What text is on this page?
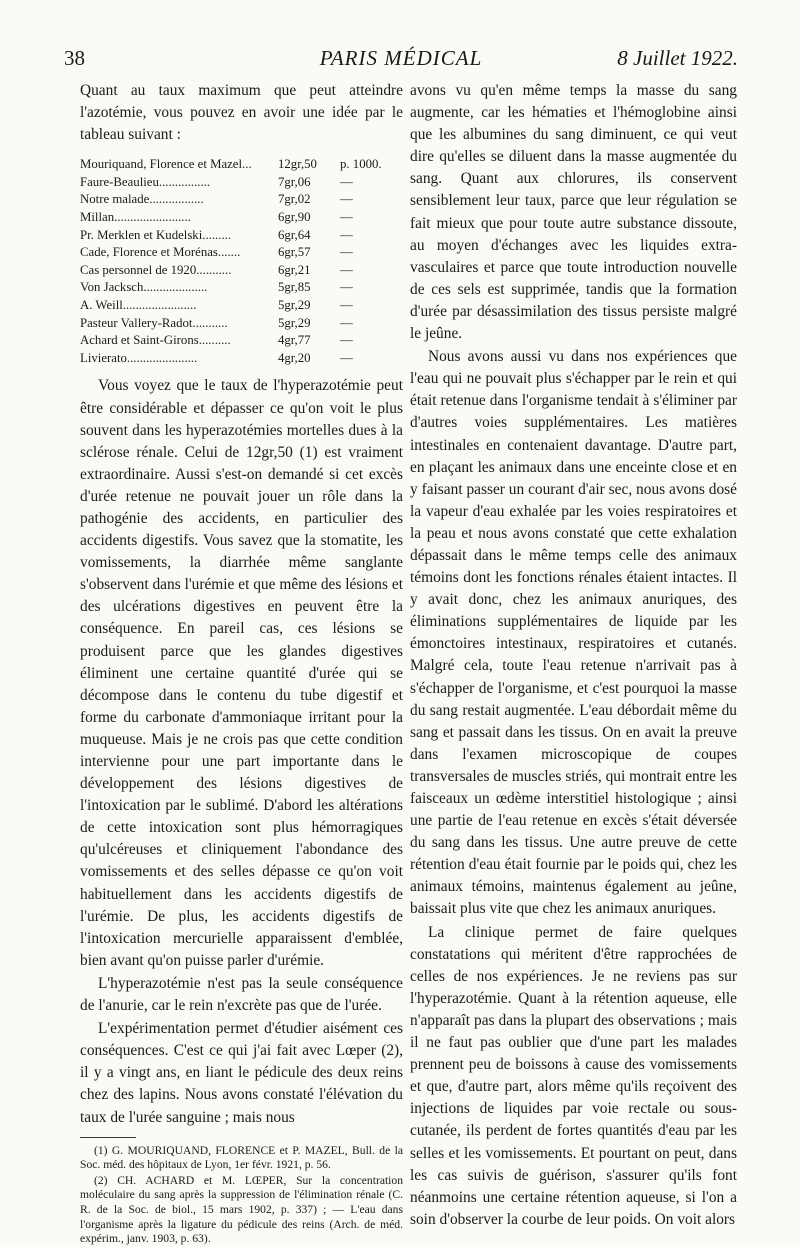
38	PARIS MÉDICAL	8 Juillet 1922.

Quant au taux maximum que peut atteindre l'azotémie, vous pouvez en avoir une idée par le tableau suivant :

Mouriquand, Florence et Mazel...	12gr,50	p. 1000.
Faure-Beaulieu................	7gr,06	—
Notre malade.................	7gr,02	—
Millan........................	6gr,90	—
Pr. Merklen et Kudelski.........	6gr,64	—
Cade, Florence et Morénas.......	6gr,57	—
Cas personnel de 1920...........	6gr,21	—
Von Jacksch....................	5gr,85	—
A. Weill.......................	5gr,29	—
Pasteur Vallery-Radot...........	5gr,29	—
Achard et Saint-Girons..........	4gr,77	—
Livierato......................	4gr,20	—

Vous voyez que le taux de l'hyperazotémie peut être considérable et dépasser ce qu'on voit le plus souvent dans les hyperazotémies mortelles dues à la sclérose rénale. Celui de 12gr,50 (1) est vraiment extraordinaire. Aussi s'est-on demandé si cet excès d'urée retenue ne pouvait jouer un rôle dans la pathogénie des accidents, en particulier des accidents digestifs. Vous savez que la stomatite, les vomissements, la diarrhée même sanglante s'observent dans l'urémie et que même des lésions et des ulcérations digestives en peuvent être la conséquence. En pareil cas, ces lésions se produisent parce que les glandes digestives éliminent une certaine quantité d'urée qui se décompose dans le contenu du tube digestif et forme du carbonate d'ammoniaque irritant pour la muqueuse. Mais je ne crois pas que cette condition intervienne pour une part importante dans le développement des lésions digestives de l'intoxication par le sublimé. D'abord les altérations de cette intoxication sont plus hémorragiques qu'ulcéreuses et cliniquement l'abondance des vomissements et des selles dépasse ce qu'on voit habituellement dans les accidents digestifs de l'urémie. De plus, les accidents digestifs de l'intoxication mercurielle apparaissent d'emblée, bien avant qu'on puisse parler d'urémie.

L'hyperazotémie n'est pas la seule conséquence de l'anurie, car le rein n'excrète pas que de l'urée.

L'expérimentation permet d'étudier aisément ces conséquences. C'est ce qui j'ai fait avec Lœper (2), il y a vingt ans, en liant le pédicule des deux reins chez des lapins. Nous avons constaté l'élévation du taux de l'urée sanguine ; mais nous

(1) G. MOURIQUAND, FLORENCE et P. MAZEL, Bull. de la Soc. méd. des hôpitaux de Lyon, 1er févr. 1921, p. 56.

(2) CH. ACHARD et M. LŒPER, Sur la concentration moléculaire du sang après la suppression de l'élimination rénale (C. R. de la Soc. de biol., 15 mars 1902, p. 337) ; — L'eau dans l'organisme après la ligature du pédicule des reins (Arch. de méd. expérim., janv. 1903, p. 63).

avons vu qu'en même temps la masse du sang augmente, car les hématies et l'hémoglobine ainsi que les albumines du sang diminuent, ce qui veut dire qu'elles se diluent dans la masse augmentée du sang. Quant aux chlorures, ils conservent sensiblement leur taux, parce que leur régulation se fait mieux que pour toute autre substance dissoute, au moyen d'échanges avec les liquides extra-vasculaires et parce que toute introduction nouvelle de ces sels est supprimée, tandis que la formation d'urée par désassimilation des tissus persiste malgré le jeûne.

Nous avons aussi vu dans nos expériences que l'eau qui ne pouvait plus s'échapper par le rein et qui était retenue dans l'organisme tendait à s'éliminer par d'autres voies supplémentaires. Les matières intestinales en contenaient davantage. D'autre part, en plaçant les animaux dans une enceinte close et en y faisant passer un courant d'air sec, nous avons dosé la vapeur d'eau exhalée par les voies respiratoires et la peau et nous avons constaté que cette exhalation dépassait dans le même temps celle des animaux témoins dont les fonctions rénales étaient intactes. Il y avait donc, chez les animaux anuriques, des éliminations supplémentaires de liquide par les émonctoires intestinaux, respiratoires et cutanés. Malgré cela, toute l'eau retenue n'arrivait pas à s'échapper de l'organisme, et c'est pourquoi la masse du sang restait augmentée. L'eau débordait même du sang et passait dans les tissus. On en avait la preuve dans l'examen microscopique de coupes transversales de muscles striés, qui montrait entre les faisceaux un œdème interstitiel histologique ; ainsi une partie de l'eau retenue en excès s'était déversée du sang dans les tissus. Une autre preuve de cette rétention d'eau était fournie par le poids qui, chez les animaux témoins, maintenus également au jeûne, baissait plus vite que chez les animaux anuriques.

La clinique permet de faire quelques constatations qui méritent d'être rapprochées de celles de nos expériences. Je ne reviens pas sur l'hyperazotémie. Quant à la rétention aqueuse, elle n'apparaît pas dans la plupart des observations ; mais il ne faut pas oublier que d'une part les malades prennent peu de boissons à cause des vomissements et que, d'autre part, alors même qu'ils reçoivent des injections de liquides par voie rectale ou sous-cutanée, ils perdent de fortes quantités d'eau par les selles et les vomissements. Et pourtant on peut, dans les cas suivis de guérison, s'assurer qu'ils font néanmoins une certaine rétention aqueuse, si l'on a soin d'observer la courbe de leur poids. On voit alors
